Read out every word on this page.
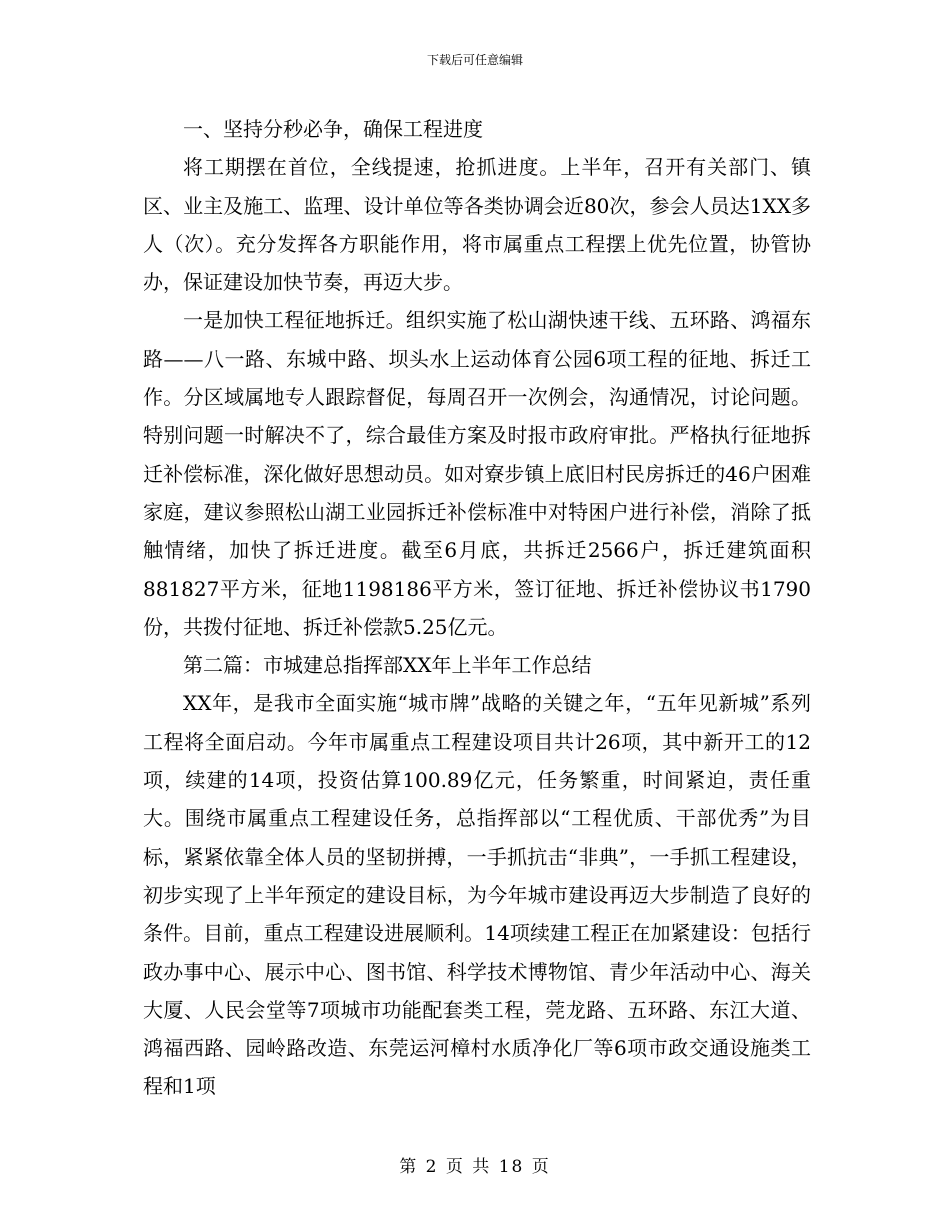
下载后可任意编辑

一、坚持分秒必争，确保工程进度

将工期摆在首位，全线提速，抢抓进度。上半年，召开有关部门、镇区、业主及施工、监理、设计单位等各类协调会近80次，参会人员达1XX多人（次）。充分发挥各方职能作用，将市属重点工程摆上优先位置，协管协办，保证建设加快节奏，再迈大步。

一是加快工程征地拆迁。组织实施了松山湖快速干线、五环路、鸿福东路——八一路、东城中路、坝头水上运动体育公园6项工程的征地、拆迁工作。分区域属地专人跟踪督促，每周召开一次例会，沟通情况，讨论问题。特别问题一时解决不了，综合最佳方案及时报市政府审批。严格执行征地拆迁补偿标准，深化做好思想动员。如对寮步镇上底旧村民房拆迁的46户困难家庭，建议参照松山湖工业园拆迁补偿标准中对特困户进行补偿，消除了抵触情绪，加快了拆迁进度。截至6月底，共拆迁2566户，拆迁建筑面积881827平方米，征地1198186平方米，签订征地、拆迁补偿协议书1790份，共拨付征地、拆迁补偿款5.25亿元。

第二篇：市城建总指挥部XX年上半年工作总结

XX年，是我市全面实施“城市牌”战略的关键之年，“五年见新城”系列工程将全面启动。今年市属重点工程建设项目共计26项，其中新开工的12项，续建的14项，投资估算100.89亿元，任务繁重，时间紧迫，责任重大。围绕市属重点工程建设任务，总指挥部以“工程优质、干部优秀”为目标，紧紧依靠全体人员的坚韧拼搏，一手抓抗击“非典”，一手抓工程建设，初步实现了上半年预定的建设目标，为今年城市建设再迈大步制造了良好的条件。目前，重点工程建设进展顺利。14项续建工程正在加紧建设：包括行政办事中心、展示中心、图书馆、科学技术博物馆、青少年活动中心、海关大厦、人民会堂等7项城市功能配套类工程，莞龙路、五环路、东江大道、鸿福西路、园岭路改造、东莞运河樟村水质净化厂等6项市政交通设施类工程和1项

第 2 页 共 18 页
